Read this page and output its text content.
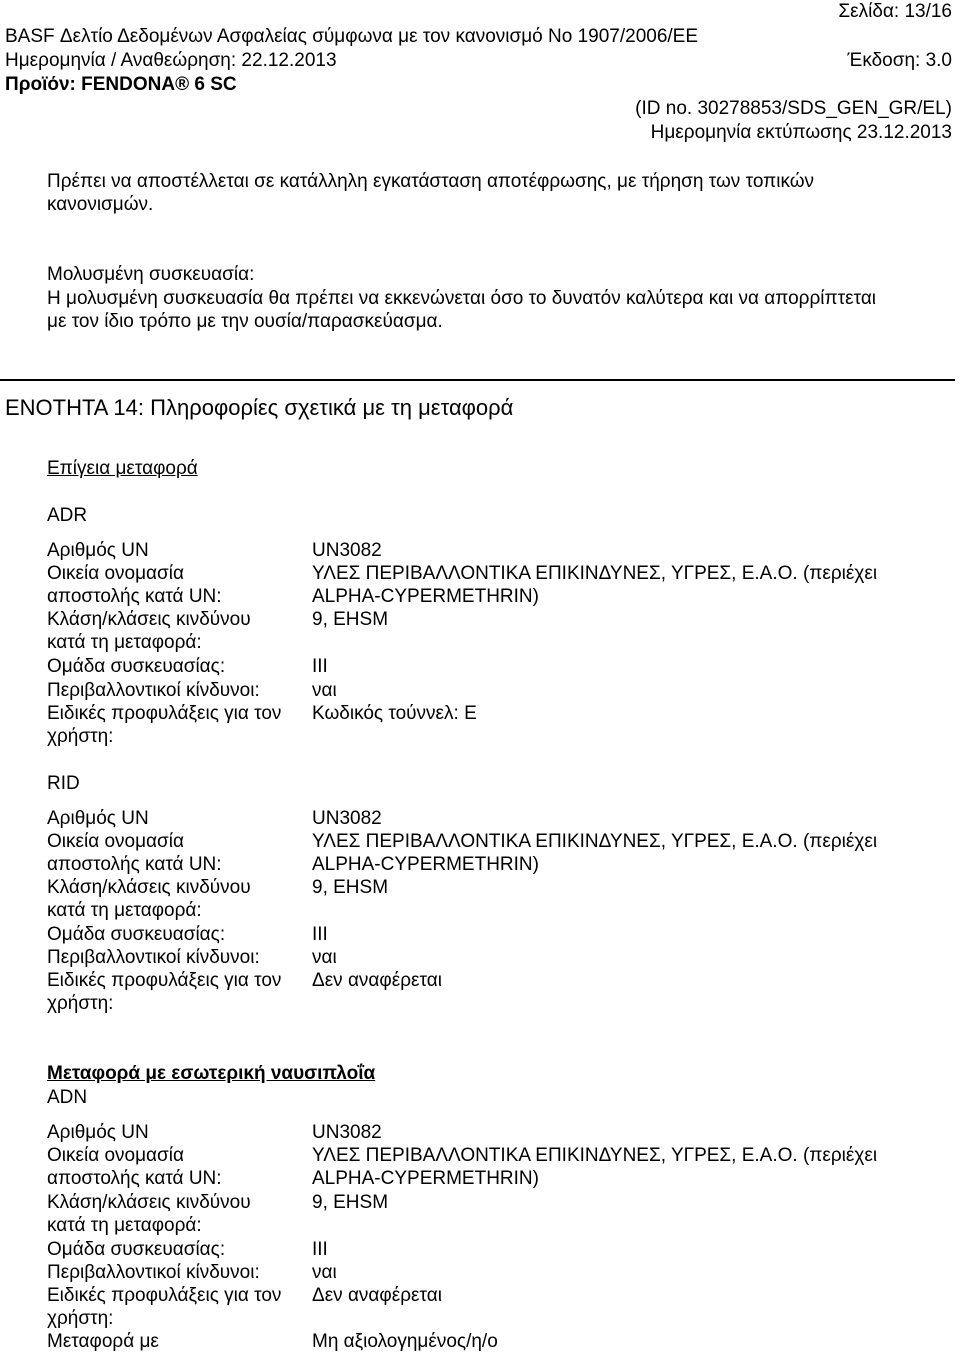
Σελίδα: 13/16
BASF Δελτίο Δεδομένων Ασφαλείας σύμφωνα με τον κανονισμό Νο 1907/2006/ΕΕ
Ημερομηνία / Αναθεώρηση: 22.12.2013	Έκδοση: 3.0
Προϊόν: FENDONA® 6 SC
(ID no. 30278853/SDS_GEN_GR/EL)
Ημερομηνία εκτύπωσης 23.12.2013
Πρέπει να αποστέλλεται σε κατάλληλη εγκατάσταση αποτέφρωσης, με τήρηση των τοπικών
κανονισμών.
Μολυσμένη συσκευασία:
Η μολυσμένη συσκευασία θα πρέπει να εκκενώνεται όσο το δυνατόν καλύτερα και να απορρίπτεται
με τον ίδιο τρόπο με την ουσία/παρασκεύασμα.
ΕΝΟΤΗΤΑ 14: Πληροφορίες σχετικά με τη μεταφορά
Επίγεια μεταφορά
ADR
Αριθμός UN	UN3082
Οικεία ονομασία	ΥΛΕΣ ΠΕΡΙΒΑΛΛΟΝΤΙΚΑ ΕΠΙΚΙΝΔΥΝΕΣ, ΥΓΡΕΣ, Ε.Α.Ο. (περιέχει
αποστολής κατά UN:	ALPHA-CYPERMETHRIN)
Κλάση/κλάσεις κινδύνου	9, EHSM
κατά τη μεταφορά:
Ομάδα συσκευασίας:	III
Περιβαλλοντικοί κίνδυνοι:	ναι
Ειδικές προφυλάξεις για τον	Κωδικός τούννελ: E
χρήστη:
RID
Αριθμός UN	UN3082
Οικεία ονομασία	ΥΛΕΣ ΠΕΡΙΒΑΛΛΟΝΤΙΚΑ ΕΠΙΚΙΝΔΥΝΕΣ, ΥΓΡΕΣ, Ε.Α.Ο. (περιέχει
αποστολής κατά UN:	ALPHA-CYPERMETHRIN)
Κλάση/κλάσεις κινδύνου	9, EHSM
κατά τη μεταφορά:
Ομάδα συσκευασίας:	III
Περιβαλλοντικοί κίνδυνοι:	ναι
Ειδικές προφυλάξεις για τον	Δεν αναφέρεται
χρήστη:
Μεταφορά με εσωτερική ναυσιπλοΐα
ADN
Αριθμός UN	UN3082
Οικεία ονομασία	ΥΛΕΣ ΠΕΡΙΒΑΛΛΟΝΤΙΚΑ ΕΠΙΚΙΝΔΥΝΕΣ, ΥΓΡΕΣ, Ε.Α.Ο. (περιέχει
αποστολής κατά UN:	ALPHA-CYPERMETHRIN)
Κλάση/κλάσεις κινδύνου	9, EHSM
κατά τη μεταφορά:
Ομάδα συσκευασίας:	III
Περιβαλλοντικοί κίνδυνοι:	ναι
Ειδικές προφυλάξεις για τον	Δεν αναφέρεται
χρήστη:
Μεταφορά με	Μη αξιολογημένος/η/ο
